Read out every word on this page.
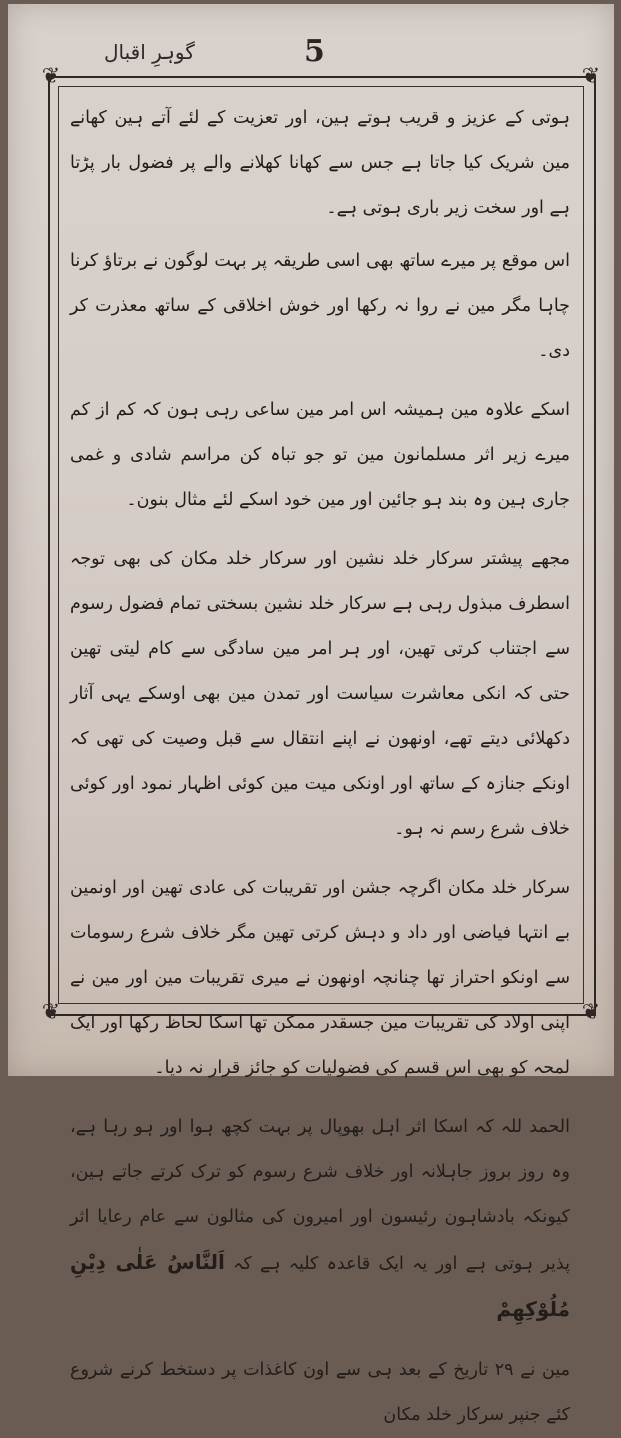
گوہرِ اقبال	5
❦	❦
❦	❦

ہوتی کے عزیز و قریب ہوتے ہین، اور تعزیت کے لئے آتے ہین کھانے مین شریک کیا جاتا ہے جس سے کھانا کھلانے والے پر فضول بار پڑتا ہے اور سخت زیر باری ہوتی ہے۔

اس موقع پر میرے ساتھ بھی اسی طریقہ پر بہت لوگون نے برتاؤ کرنا چاہا مگر مین نے روا نہ رکھا اور خوش اخلاقی کے ساتھ معذرت کر دی۔

اسکے علاوہ مین ہمیشہ اس امر مین ساعی رہی ہون کہ کم از کم میرے زیر اثر مسلمانون مین تو جو تباہ کن مراسم شادی و غمی جاری ہین وہ بند ہو جائین اور مین خود اسکے لئے مثال بنون۔

مجھے پیشتر سرکار خلد نشین اور سرکار خلد مکان کی بھی توجہ اسطرف مبذول رہی ہے سرکار خلد نشین بسختی تمام فضول رسوم سے اجتناب کرتی تھین، اور ہر امر مین سادگی سے کام لیتی تھین حتی کہ انکی معاشرت سیاست اور تمدن مین بھی اوسکے یہی آثار دکھلائی دیتے تھے، اونھون نے اپنے انتقال سے قبل وصیت کی تھی کہ اونکے جنازہ کے ساتھ اور اونکی میت مین کوئی اظہار نمود اور کوئی خلاف شرع رسم نہ ہو۔

سرکار خلد مکان اگرچہ جشن اور تقریبات کی عادی تھین اور اونمین بے انتہا فیاضی اور داد و دہش کرتی تھین مگر خلاف شرع رسومات سے اونکو احتراز تھا چنانچہ اونھون نے میری تقریبات مین اور مین نے اپنی اولاد کی تقریبات مین جسقدر ممکن تھا اسکا لحاظ رکھا اور ایک لمحہ کو بھی اس قسم کی فضولیات کو جائز قرار نہ دیا۔

الحمد للہ کہ اسکا اثر اہل بھوپال پر بہت کچھ ہوا اور ہو رہا ہے، وہ روز بروز جاہلانہ اور خلاف شرع رسوم کو ترک کرتے جاتے ہین، کیونکہ بادشاہون رئیسون اور امیرون کی مثالون سے عام رعایا اثر پذیر ہوتی ہے اور یہ ایک قاعدہ کلیہ ہے کہ اَلنَّاسُ عَلٰی دِیْنِ مُلُوْکِھِمْ

مین نے ۲۹ تاریخ کے بعد ہی سے اون کاغذات پر دستخط کرنے شروع کئے جنپر سرکار خلد مکان
